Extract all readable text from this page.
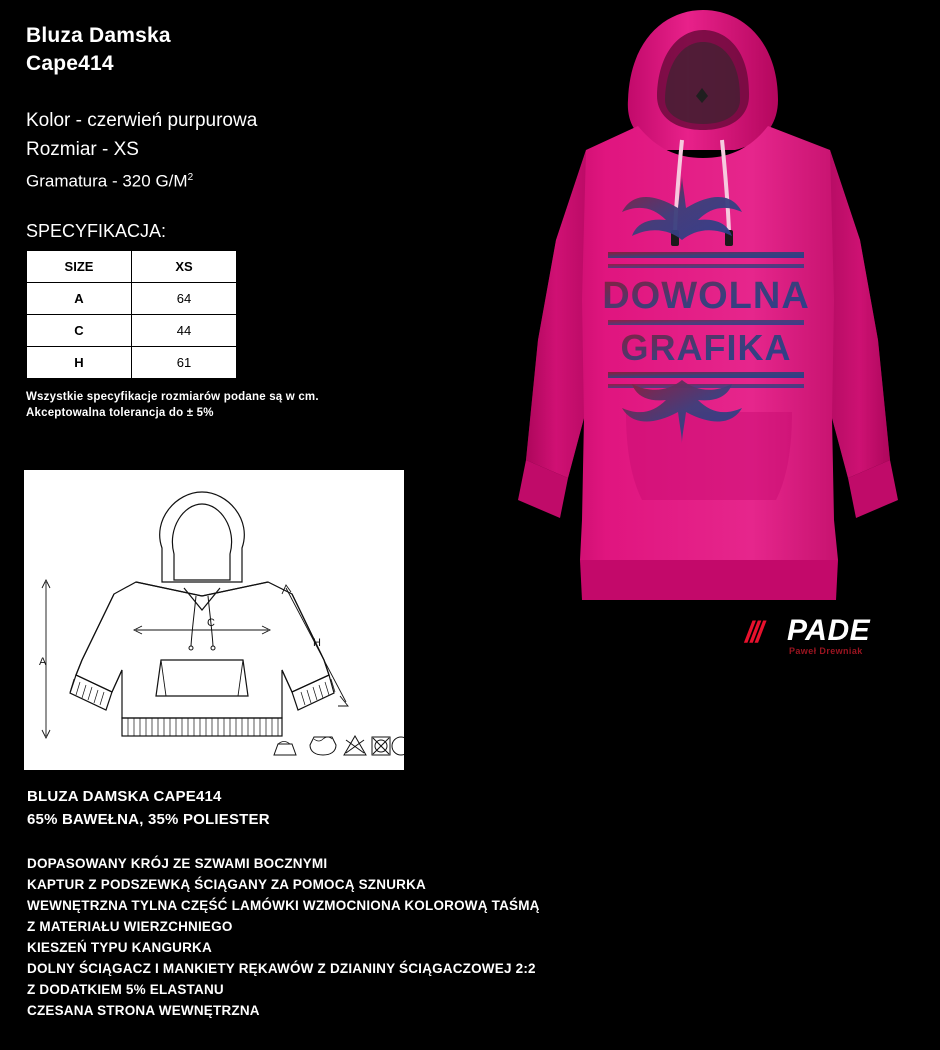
Bluza Damska
Cape414
Kolor - czerwień purpurowa
Rozmiar - XS
Gramatura - 320 $G/M^2$
SPECYFIKACJA:
SIZE	XS
A	64
C	44
H	61
Wszystkie specyfikacje rozmiarów podane są w cm.
Akceptowalna tolerancja do ± 5%
A
C
H
BLUZA DAMSKA CAPE414
65% BAWEŁNA, 35% POLIESTER
DOPASOWANY KRÓJ ZE SZWAMI BOCZNYMI
KAPTUR Z PODSZEWKĄ ŚCIĄGANY ZA POMOCĄ SZNURKA
WEWNĘTRZNA TYLNA CZĘŚĆ LAMÓWKI WZMOCNIONA KOLOROWĄ TAŚMĄ
Z MATERIAŁU WIERZCHNIEGO
KIESZEŃ TYPU KANGURKA
DOLNY ŚCIĄGACZ I MANKIETY RĘKAWÓW Z DZIANINY ŚCIĄGACZOWEJ 2:2
Z DODATKIEM 5% ELASTANU
CZESANA STRONA WEWNĘTRZNA
DOWOLNA
GRAFIKA
/// PADE
Paweł Drewniak
